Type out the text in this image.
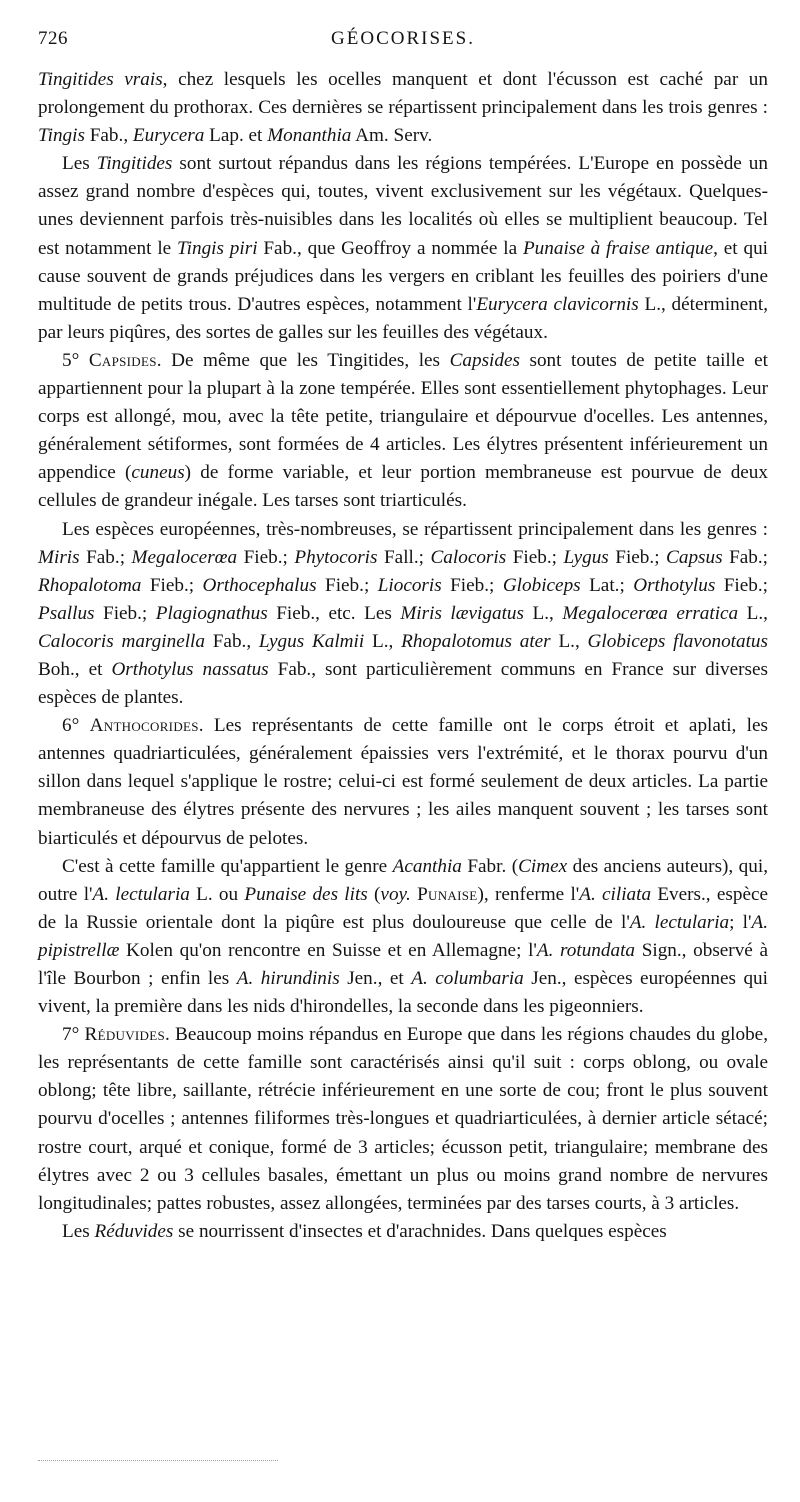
726	GÉOCORISES.

Tingitides vrais, chez lesquels les ocelles manquent et dont l'écusson est caché par un prolongement du prothorax. Ces dernières se répartissent principalement dans les trois genres : Tingis Fab., Eurycera Lap. et Monanthia Am. Serv.

Les Tingitides sont surtout répandus dans les régions tempérées. L'Europe en possède un assez grand nombre d'espèces qui, toutes, vivent exclusivement sur les végétaux. Quelques-unes deviennent parfois très-nuisibles dans les localités où elles se multiplient beaucoup. Tel est notamment le Tingis piri Fab., que Geoffroy a nommée la Punaise à fraise antique, et qui cause souvent de grands préjudices dans les vergers en criblant les feuilles des poiriers d'une multitude de petits trous. D'autres espèces, notamment l'Eurycera clavicornis L., déterminent, par leurs piqûres, des sortes de galles sur les feuilles des végétaux.

5° Capsides. De même que les Tingitides, les Capsides sont toutes de petite taille et appartiennent pour la plupart à la zone tempérée. Elles sont essentiellement phytophages. Leur corps est allongé, mou, avec la tête petite, triangulaire et dépourvue d'ocelles. Les antennes, généralement sétiformes, sont formées de 4 articles. Les élytres présentent inférieurement un appendice (cuneus) de forme variable, et leur portion membraneuse est pourvue de deux cellules de grandeur inégale. Les tarses sont triarticulés.

Les espèces européennes, très-nombreuses, se répartissent principalement dans les genres : Miris Fab.; Megalocerœa Fieb.; Phytocoris Fall.; Calocoris Fieb.; Lygus Fieb.; Capsus Fab.; Rhopalotoma Fieb.; Orthocephalus Fieb.; Liocoris Fieb.; Globiceps Lat.; Orthotylus Fieb.; Psallus Fieb.; Plagiognathus Fieb., etc. Les Miris lævigatus L., Megalocerœa erratica L., Calocoris marginella Fab., Lygus Kalmii L., Rhopalotomus ater L., Globiceps flavonotatus Boh., et Orthotylus nassatus Fab., sont particulièrement communs en France sur diverses espèces de plantes.

6° Anthocorides. Les représentants de cette famille ont le corps étroit et aplati, les antennes quadriarticulées, généralement épaissies vers l'extrémité, et le thorax pourvu d'un sillon dans lequel s'applique le rostre; celui-ci est formé seulement de deux articles. La partie membraneuse des élytres présente des nervures ; les ailes manquent souvent ; les tarses sont biarticulés et dépourvus de pelotes.

C'est à cette famille qu'appartient le genre Acanthia Fabr. (Cimex des anciens auteurs), qui, outre l'A. lectularia L. ou Punaise des lits (voy. Punaise), renferme l'A. ciliata Evers., espèce de la Russie orientale dont la piqûre est plus douloureuse que celle de l'A. lectularia; l'A. pipistrellæ Kolen qu'on rencontre en Suisse et en Allemagne; l'A. rotundata Sign., observé à l'île Bourbon ; enfin les A. hirundinis Jen., et A. columbaria Jen., espèces européennes qui vivent, la première dans les nids d'hirondelles, la seconde dans les pigeonniers.

7° Réduvides. Beaucoup moins répandus en Europe que dans les régions chaudes du globe, les représentants de cette famille sont caractérisés ainsi qu'il suit : corps oblong, ou ovale oblong; tête libre, saillante, rétrécie inférieurement en une sorte de cou; front le plus souvent pourvu d'ocelles ; antennes filiformes très-longues et quadriarticulées, à dernier article sétacé; rostre court, arqué et conique, formé de 3 articles; écusson petit, triangulaire; membrane des élytres avec 2 ou 3 cellules basales, émettant un plus ou moins grand nombre de nervures longitudinales; pattes robustes, assez allongées, terminées par des tarses courts, à 3 articles.

Les Réduvides se nourrissent d'insectes et d'arachnides. Dans quelques espèces
